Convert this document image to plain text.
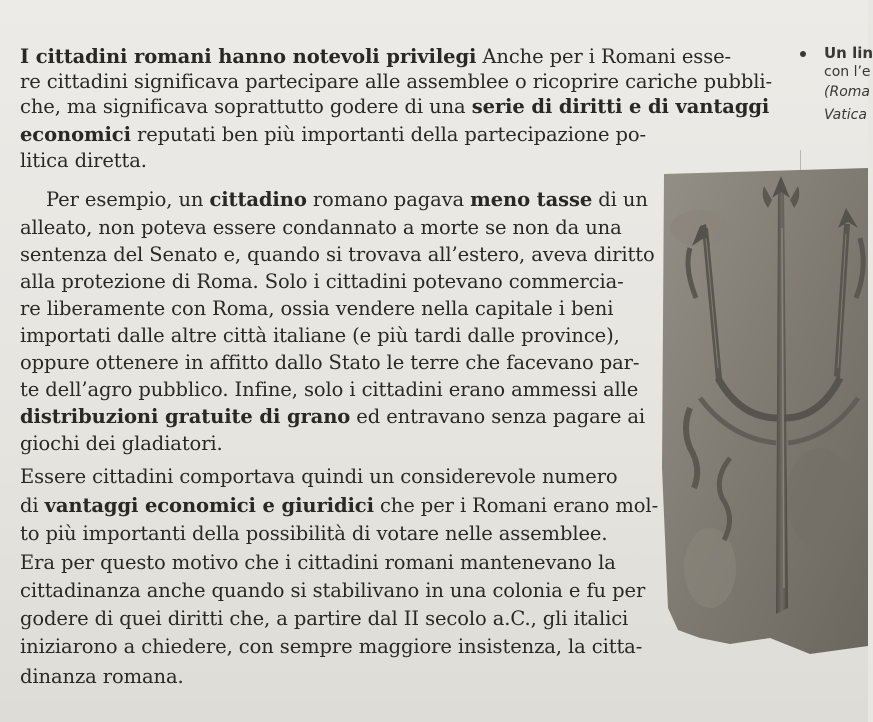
I cittadini romani hanno notevoli privilegi Anche per i Romani esse-
re cittadini significava partecipare alle assemblee o ricoprire cariche pubbli-
che, ma significava soprattutto godere di una serie di diritti e di vantaggi
economici reputati ben più importanti della partecipazione po-
litica diretta.
Per esempio, un cittadino romano pagava meno tasse di un
alleato, non poteva essere condannato a morte se non da una
sentenza del Senato e, quando si trovava all’estero, aveva diritto
alla protezione di Roma. Solo i cittadini potevano commercia-
re liberamente con Roma, ossia vendere nella capitale i beni
importati dalle altre città italiane (e più tardi dalle province),
oppure ottenere in affitto dallo Stato le terre che facevano par-
te dell’agro pubblico. Infine, solo i cittadini erano ammessi alle
distribuzioni gratuite di grano ed entravano senza pagare ai
giochi dei gladiatori.
Essere cittadini comportava quindi un considerevole numero
di vantaggi economici e giuridici che per i Romani erano mol-
to più importanti della possibilità di votare nelle assemblee.
Era per questo motivo che i cittadini romani mantenevano la
cittadinanza anche quando si stabilivano in una colonia e fu per
godere di quei diritti che, a partire dal II secolo a.C., gli italici
iniziarono a chiedere, con sempre maggiore insistenza, la citta-
dinanza romana.
Un lin
con l’e
(Roma
Vatica
